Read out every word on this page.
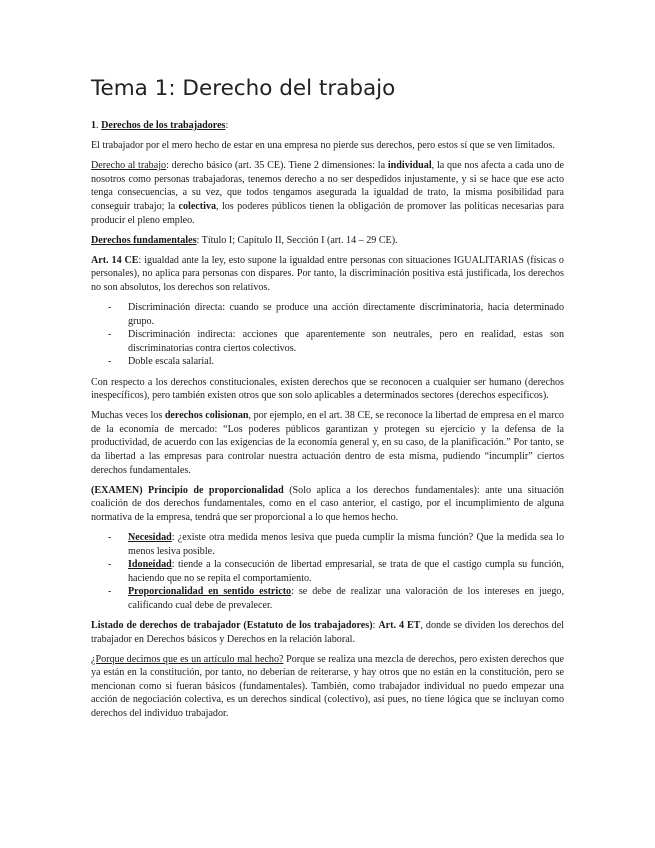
Tema 1: Derecho del trabajo

1. Derechos de los trabajadores:

El trabajador por el mero hecho de estar en una empresa no pierde sus derechos, pero estos sí que se ven limitados.

Derecho al trabajo: derecho básico (art. 35 CE). Tiene 2 dimensiones: la individual, la que nos afecta a cada uno de nosotros como personas trabajadoras, tenemos derecho a no ser despedidos injustamente, y si se hace que ese acto tenga consecuencias, a su vez, que todos tengamos asegurada la igualdad de trato, la misma posibilidad para conseguir trabajo; la colectiva, los poderes públicos tienen la obligación de promover las políticas necesarias para producir el pleno empleo.

Derechos fundamentales: Título I; Capítulo II, Sección I (art. 14 – 29 CE).

Art. 14 CE: igualdad ante la ley, esto supone la igualdad entre personas con situaciones IGUALITARIAS (físicas o personales), no aplica para personas con dispares. Por tanto, la discriminación positiva está justificada, los derechos no son absolutos, los derechos son relativos.

- Discriminación directa: cuando se produce una acción directamente discriminatoria, hacia determinado grupo.
- Discriminación indirecta: acciones que aparentemente son neutrales, pero en realidad, estas son discriminatorias contra ciertos colectivos.
- Doble escala salarial.

Con respecto a los derechos constitucionales, existen derechos que se reconocen a cualquier ser humano (derechos inespecíficos), pero también existen otros que son solo aplicables a determinados sectores (derechos específicos).

Muchas veces los derechos colisionan, por ejemplo, en el art. 38 CE, se reconoce la libertad de empresa en el marco de la economía de mercado: “Los poderes públicos garantizan y protegen su ejercicio y la defensa de la productividad, de acuerdo con las exigencias de la economía general y, en su caso, de la planificación.” Por tanto, se da libertad a las empresas para controlar nuestra actuación dentro de esta misma, pudiendo “incumplir” ciertos derechos fundamentales.

(EXAMEN) Principio de proporcionalidad (Solo aplica a los derechos fundamentales): ante una situación coalición de dos derechos fundamentales, como en el caso anterior, el castigo, por el incumplimiento de alguna normativa de la empresa, tendrá que ser proporcional a lo que hemos hecho.

- Necesidad: ¿existe otra medida menos lesiva que pueda cumplir la misma función? Que la medida sea lo menos lesiva posible.
- Idoneidad: tiende a la consecución de libertad empresarial, se trata de que el castigo cumpla su función, haciendo que no se repita el comportamiento.
- Proporcionalidad en sentido estricto: se debe de realizar una valoración de los intereses en juego, calificando cual debe de prevalecer.

Listado de derechos de trabajador (Estatuto de los trabajadores): Art. 4 ET, donde se dividen los derechos del trabajador en Derechos básicos y Derechos en la relación laboral.

¿Porque decimos que es un artículo mal hecho? Porque se realiza una mezcla de derechos, pero existen derechos que ya están en la constitución, por tanto, no deberían de reiterarse, y hay otros que no están en la constitución, pero se mencionan como si fueran básicos (fundamentales). También, como trabajador individual no puedo empezar una acción de negociación colectiva, es un derechos sindical (colectivo), así pues, no tiene lógica que se incluyan como derechos del individuo trabajador.
